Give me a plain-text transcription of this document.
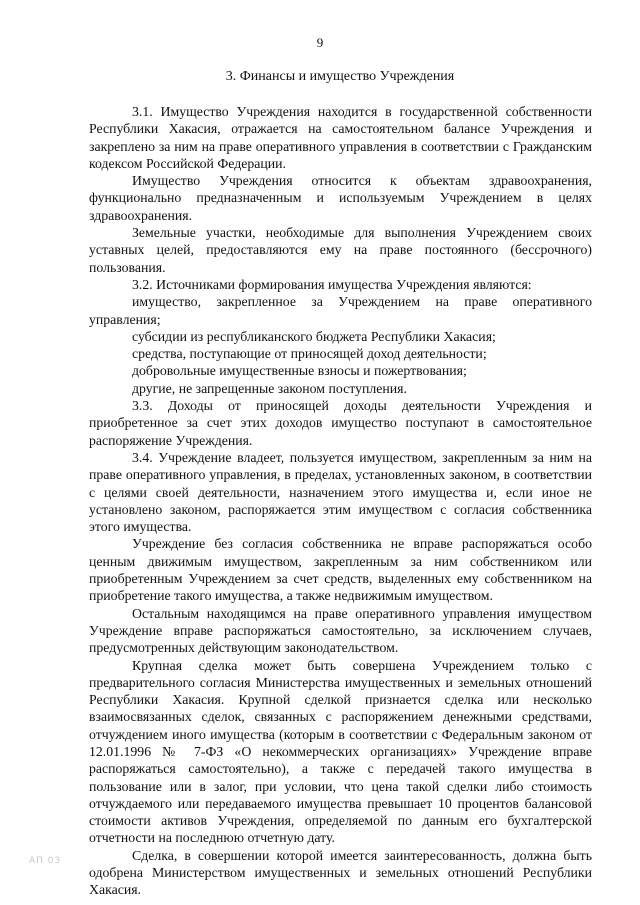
9
3. Финансы и имущество Учреждения

3.1. Имущество Учреждения находится в государственной собственности Республики Хакасия, отражается на самостоятельном балансе Учреждения и закреплено за ним на праве оперативного управления в соответствии с Гражданским кодексом Российской Федерации.

Имущество Учреждения относится к объектам здравоохранения, функционально предназначенным и используемым Учреждением в целях здравоохранения.

Земельные участки, необходимые для выполнения Учреждением своих уставных целей, предоставляются ему на праве постоянного (бессрочного) пользования.

3.2. Источниками формирования имущества Учреждения являются:

имущество, закрепленное за Учреждением на праве оперативного управления;

субсидии из республиканского бюджета Республики Хакасия;

средства, поступающие от приносящей доход деятельности;

добровольные имущественные взносы и пожертвования;

другие, не запрещенные законом поступления.

3.3. Доходы от приносящей доходы деятельности Учреждения и приобретенное за счет этих доходов имущество поступают в самостоятельное распоряжение Учреждения.

3.4. Учреждение владеет, пользуется имуществом, закрепленным за ним на праве оперативного управления, в пределах, установленных законом, в соответствии с целями своей деятельности, назначением этого имущества и, если иное не установлено законом, распоряжается этим имуществом с согласия собственника этого имущества.

Учреждение без согласия собственника не вправе распоряжаться особо ценным движимым имуществом, закрепленным за ним собственником или приобретенным Учреждением за счет средств, выделенных ему собственником на приобретение такого имущества, а также недвижимым имуществом.

Остальным находящимся на праве оперативного управления имуществом Учреждение вправе распоряжаться самостоятельно, за исключением случаев, предусмотренных действующим законодательством.

Крупная сделка может быть совершена Учреждением только с предварительного согласия Министерства имущественных и земельных отношений Республики Хакасия. Крупной сделкой признается сделка или несколько взаимосвязанных сделок, связанных с распоряжением денежными средствами, отчуждением иного имущества (которым в соответствии с Федеральным законом от 12.01.1996 № 7-ФЗ «О некоммерческих организациях» Учреждение вправе распоряжаться самостоятельно), а также с передачей такого имущества в пользование или в залог, при условии, что цена такой сделки либо стоимость отчуждаемого или передаваемого имущества превышает 10 процентов балансовой стоимости активов Учреждения, определяемой по данным его бухгалтерской отчетности на последнюю отчетную дату.

Сделка, в совершении которой имеется заинтересованность, должна быть одобрена Министерством имущественных и земельных отношений Республики Хакасия.

АП 03
